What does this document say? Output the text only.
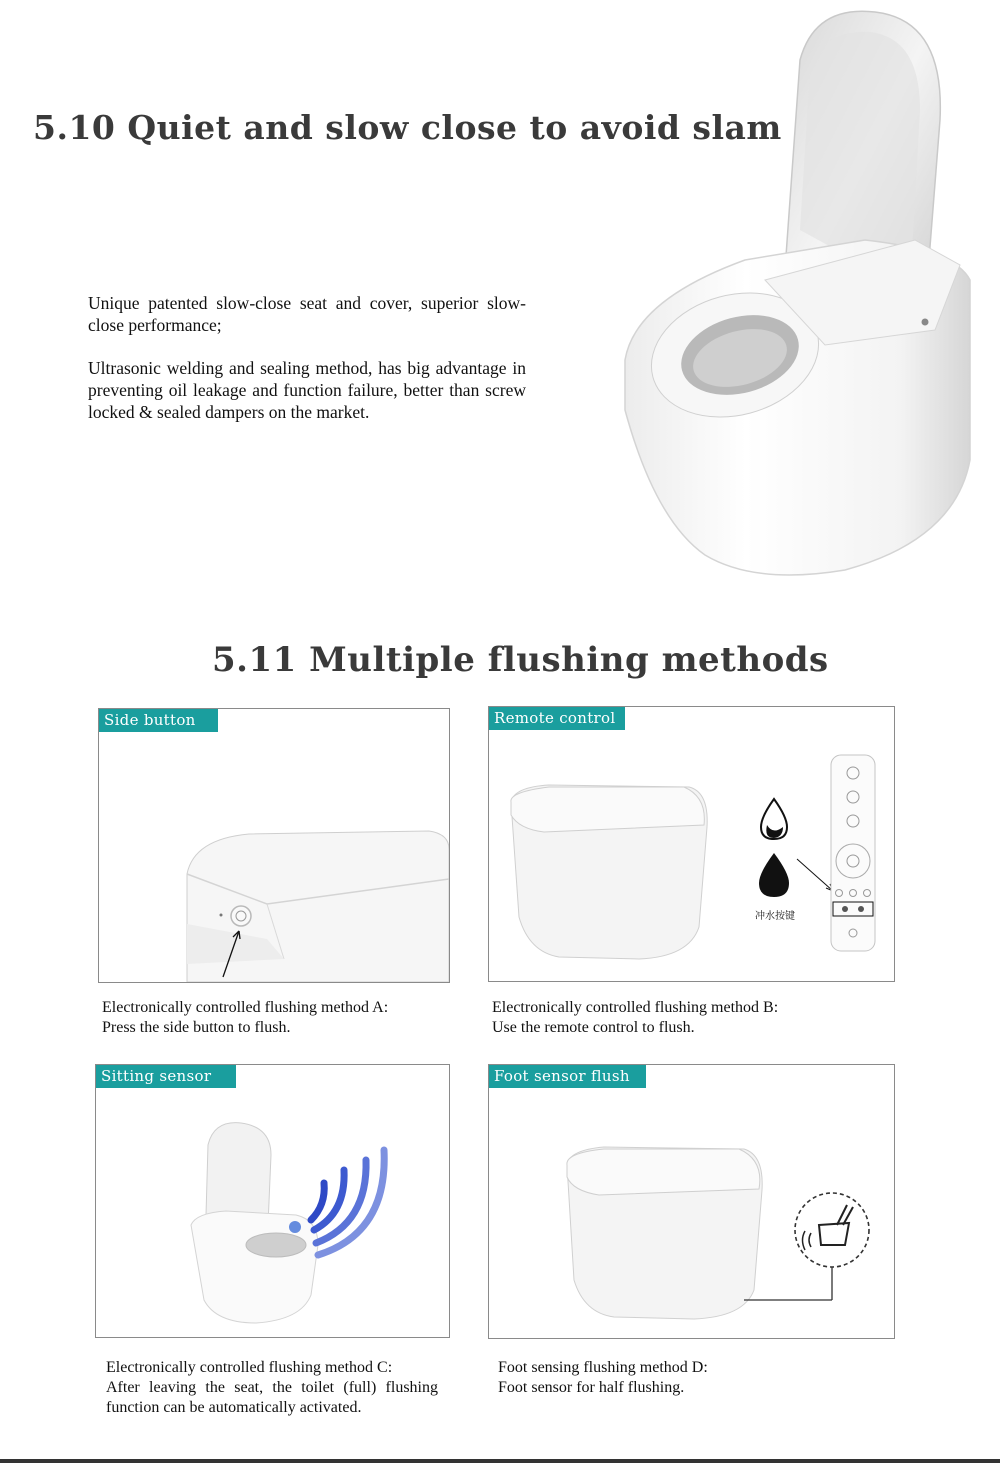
5.10 Quiet and slow close to avoid slam
Unique patented slow-close seat and cover, superior slow-close performance;
Ultrasonic welding and sealing method, has big advantage in preventing oil leakage and function failure, better than screw locked & sealed dampers on the market.
5.11 Multiple flushing methods
Side button
Electronically controlled flushing method A:
Press the side button to flush.
Remote control
冲水按键
Electronically controlled flushing method B:
Use the remote control to flush.
Sitting sensor
Electronically controlled flushing method C:
After leaving the seat, the toilet (full) flushing function can be automatically activated.
Foot sensor flush
Foot sensing flushing method D:
Foot sensor for half flushing.
